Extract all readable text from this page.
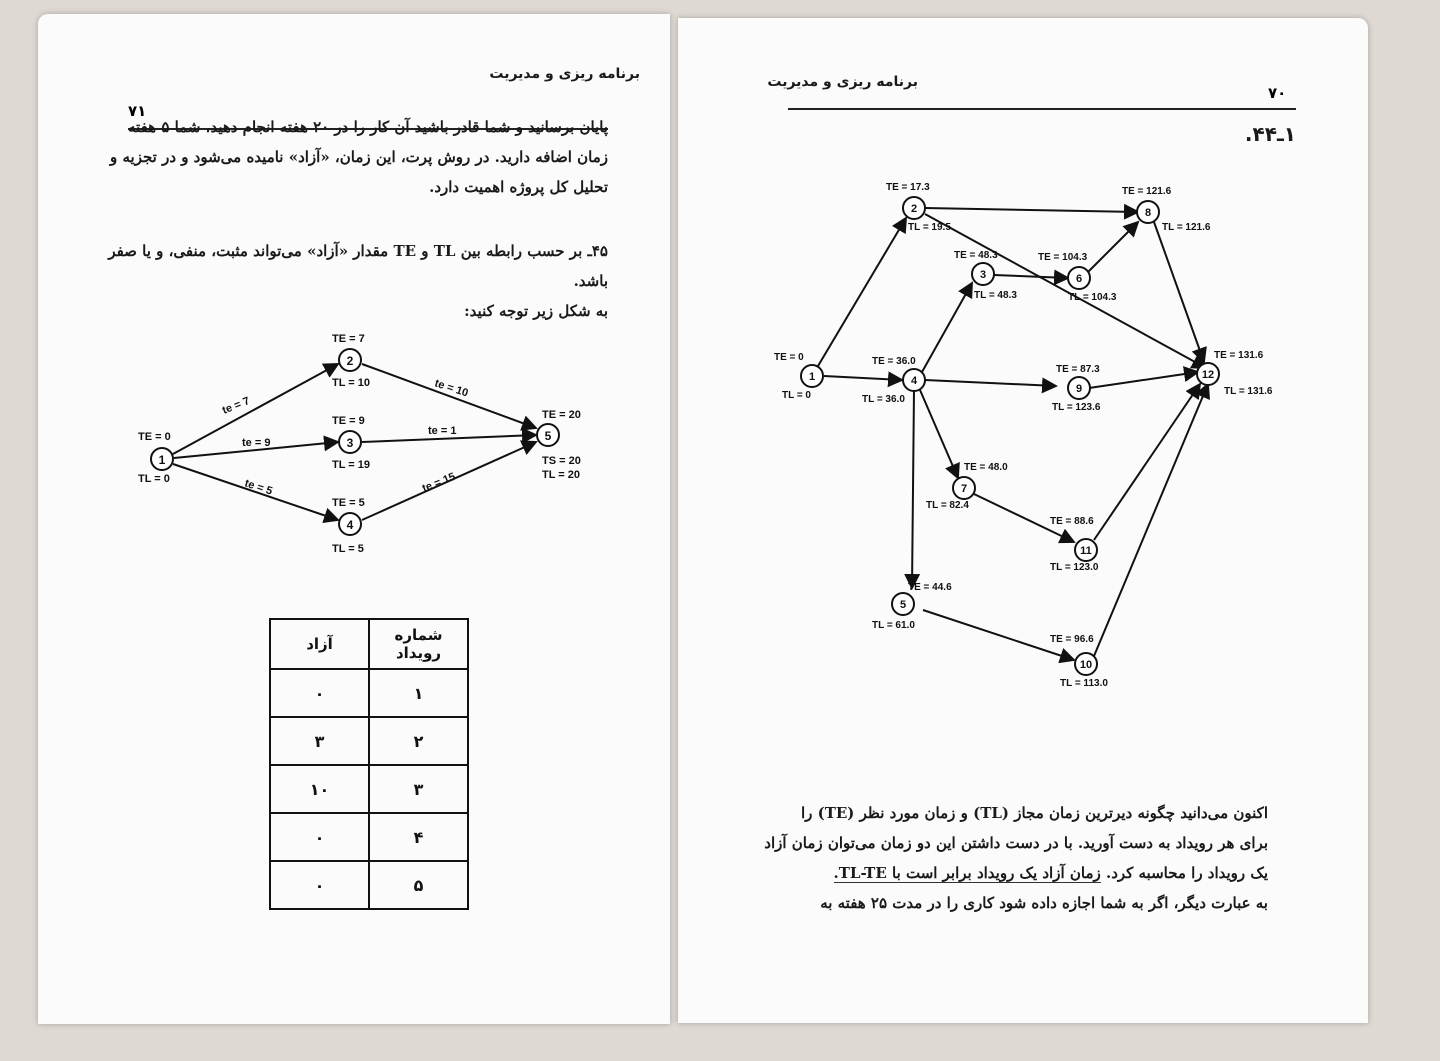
برنامه ریزی و مدیریت
۷۱
پایان برسانید و شما قادر باشید آن کار را در ۲۰ هفته انجام دهید، شما ۵ هفته
زمان اضافه دارید. در روش پرت، این زمان، «آزاد» نامیده می‌شود و در تجزیه و
تحلیل کل پروژه اهمیت دارد.
۴۵ـ بر حسب رابطه بین TL و TE مقدار «آزاد» می‌تواند مثبت، منفی، و یا صفر باشد.
به شکل زیر توجه کنید:
1
2
3
4
5
TE = 0
TL = 0
TE = 7
TL = 10
TE = 9
TL = 19
TE = 5
TL = 5
TE = 20
TS = 20
TL = 20
te = 7
te = 9
te = 5
te = 10
te = 1
te = 15

شماره رویداد	آزاد
۱	۰
۲	۳
۳	۱۰
۴	۰
۵	۰
برنامه ریزی و مدیریت
۷۰
۱ـ۴۴.
1
2
3
4
5
6
7
8
9
10
11
12
TE = 0
TL = 0
TE = 17.3
TL = 19.5
TE = 48.3
TL = 48.3
TE = 36.0
TL = 36.0
TE = 44.6
TL = 61.0
TE = 104.3
TL = 104.3
TE = 48.0
TL = 82.4
TE = 121.6
TL = 121.6
TE = 87.3
TL = 123.6
TE = 96.6
TL = 113.0
TE = 88.6
TL = 123.0
TE = 131.6
TL = 131.6
اکنون می‌دانید چگونه دیرترین زمان مجاز (TL) و زمان مورد نظر (TE) را
برای هر رویداد به دست آورید. با در دست داشتن این دو زمان می‌توان زمان آزاد
یک رویداد را محاسبه کرد. زمان آزاد یک رویداد برابر است با TL-TE.
به عبارت دیگر، اگر به شما اجازه داده شود کاری را در مدت ۲۵ هفته به
